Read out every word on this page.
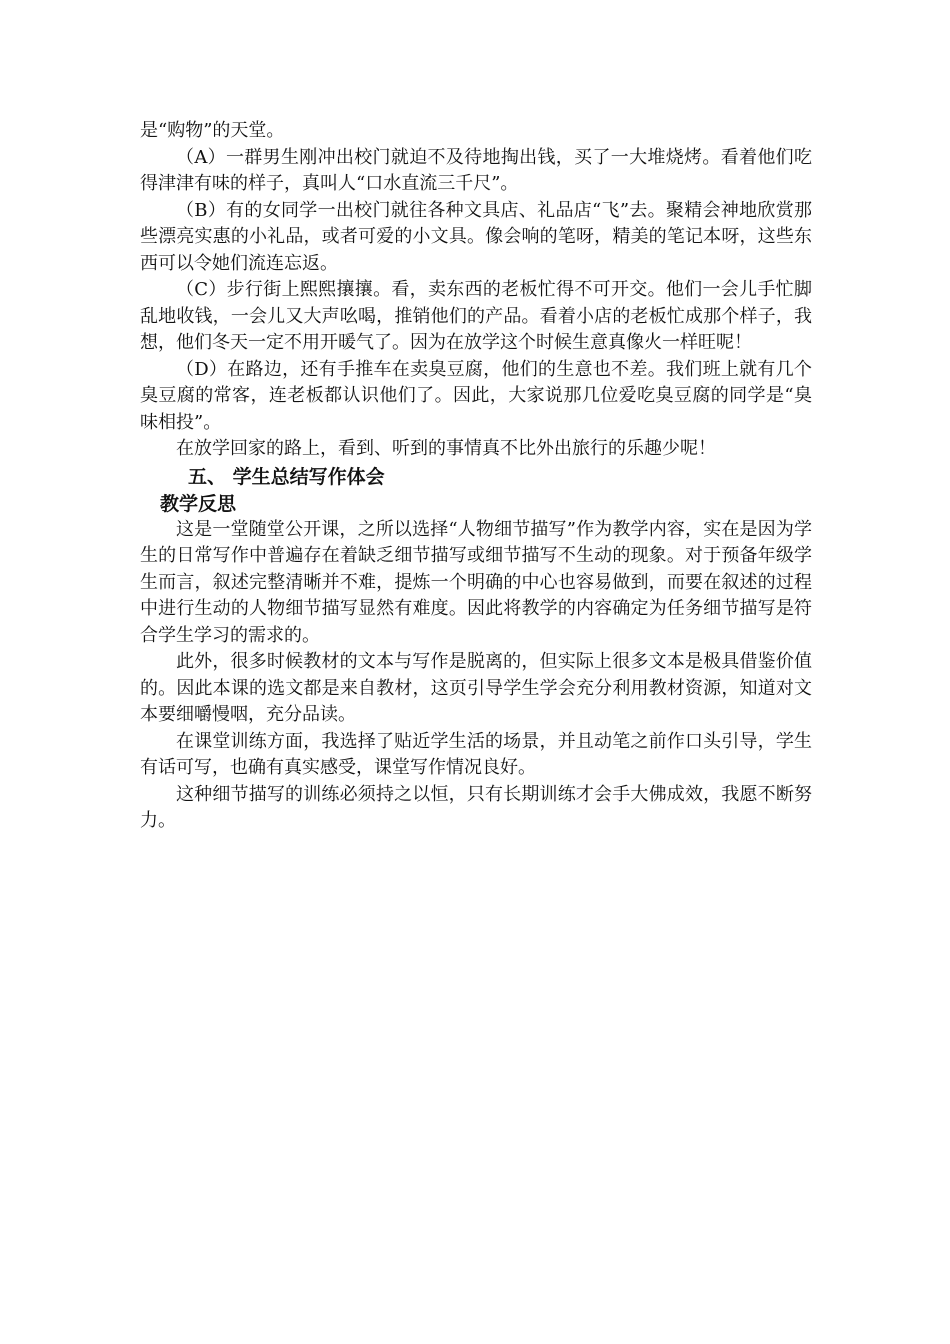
是“购物”的天堂。

（A）一群男生刚冲出校门就迫不及待地掏出钱，买了一大堆烧烤。看着他们吃得津津有味的样子，真叫人“口水直流三千尺”。

（B）有的女同学一出校门就往各种文具店、礼品店“飞”去。聚精会神地欣赏那些漂亮实惠的小礼品，或者可爱的小文具。像会响的笔呀，精美的笔记本呀，这些东西可以令她们流连忘返。

（C）步行街上熙熙攘攘。看，卖东西的老板忙得不可开交。他们一会儿手忙脚乱地收钱，一会儿又大声吆喝，推销他们的产品。看着小店的老板忙成那个样子，我想，他们冬天一定不用开暖气了。因为在放学这个时候生意真像火一样旺呢！

（D）在路边，还有手推车在卖臭豆腐，他们的生意也不差。我们班上就有几个臭豆腐的常客，连老板都认识他们了。因此，大家说那几位爱吃臭豆腐的同学是“臭味相投”。

在放学回家的路上，看到、听到的事情真不比外出旅行的乐趣少呢！

五、 学生总结写作体会
教学反思

这是一堂随堂公开课，之所以选择“人物细节描写”作为教学内容，实在是因为学生的日常写作中普遍存在着缺乏细节描写或细节描写不生动的现象。对于预备年级学生而言，叙述完整清晰并不难，提炼一个明确的中心也容易做到，而要在叙述的过程中进行生动的人物细节描写显然有难度。因此将教学的内容确定为任务细节描写是符合学生学习的需求的。

此外，很多时候教材的文本与写作是脱离的，但实际上很多文本是极具借鉴价值的。因此本课的选文都是来自教材，这页引导学生学会充分利用教材资源，知道对文本要细嚼慢咽，充分品读。

在课堂训练方面，我选择了贴近学生活的场景，并且动笔之前作口头引导，学生有话可写，也确有真实感受，课堂写作情况良好。

这种细节描写的训练必须持之以恒，只有长期训练才会手大佛成效，我愿不断努力。
